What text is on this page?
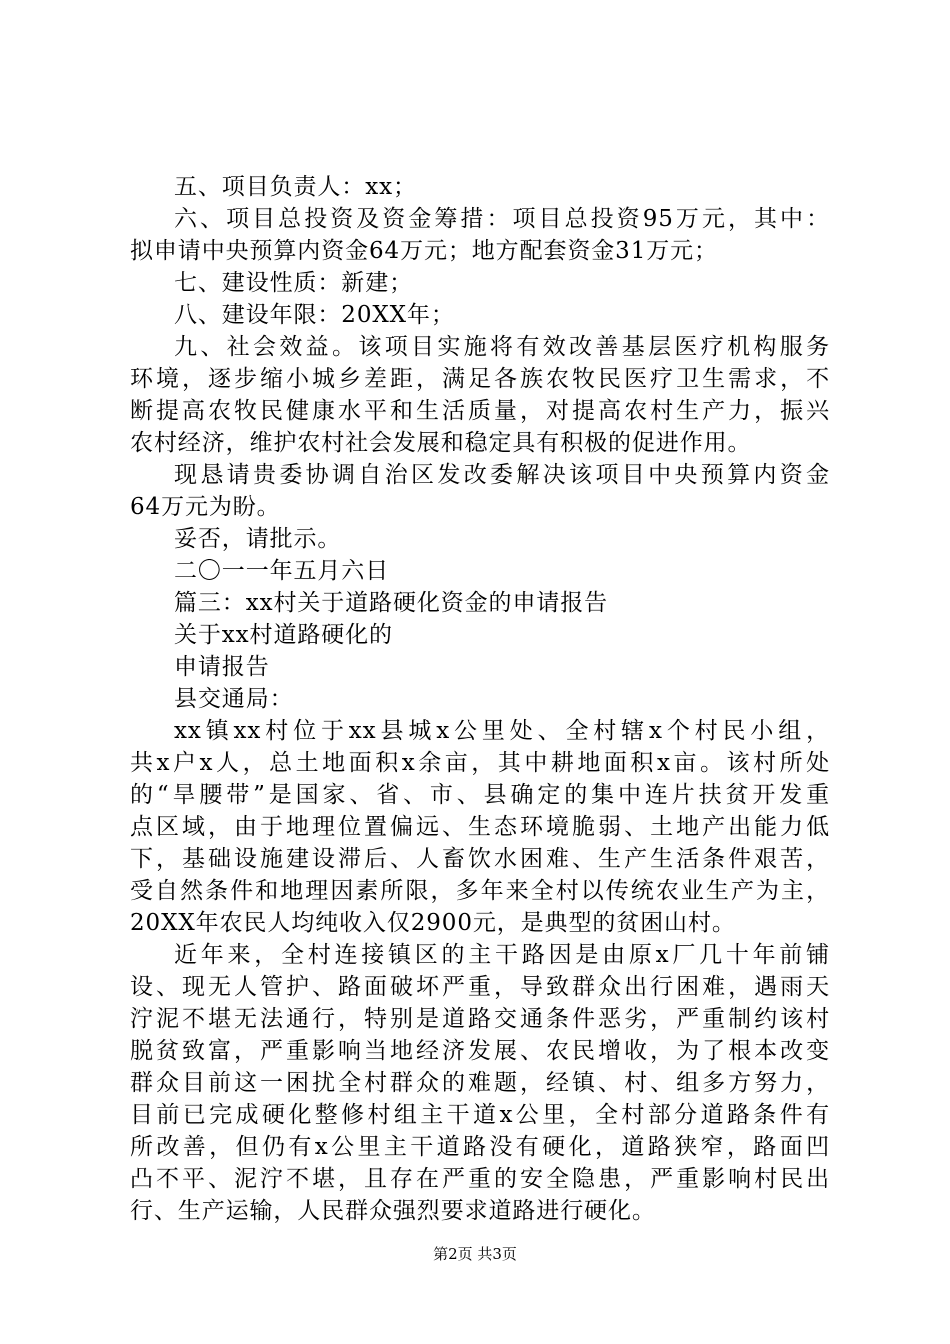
五、项目负责人：xx；
六、项目总投资及资金筹措：项目总投资95万元，其中：
拟申请中央预算内资金64万元；地方配套资金31万元；
七、建设性质：新建；
八、建设年限：20XX年；
九、社会效益。该项目实施将有效改善基层医疗机构服务
环境，逐步缩小城乡差距，满足各族农牧民医疗卫生需求，不
断提高农牧民健康水平和生活质量，对提高农村生产力，振兴
农村经济，维护农村社会发展和稳定具有积极的促进作用。
现恳请贵委协调自治区发改委解决该项目中央预算内资金
64万元为盼。
妥否，请批示。
二〇一一年五月六日
篇三：xx村关于道路硬化资金的申请报告
关于xx村道路硬化的
申请报告
县交通局：
xx镇xx村位于xx县城x公里处、全村辖x个村民小组，
共x户x人，总土地面积x余亩，其中耕地面积x亩。该村所处
的“旱腰带”是国家、省、市、县确定的集中连片扶贫开发重
点区域，由于地理位置偏远、生态环境脆弱、土地产出能力低
下，基础设施建设滞后、人畜饮水困难、生产生活条件艰苦，
受自然条件和地理因素所限，多年来全村以传统农业生产为主，
20XX年农民人均纯收入仅2900元，是典型的贫困山村。
近年来，全村连接镇区的主干路因是由原x厂几十年前铺
设、现无人管护、路面破坏严重，导致群众出行困难，遇雨天
泞泥不堪无法通行，特别是道路交通条件恶劣，严重制约该村
脱贫致富，严重影响当地经济发展、农民增收，为了根本改变
群众目前这一困扰全村群众的难题，经镇、村、组多方努力，
目前已完成硬化整修村组主干道x公里，全村部分道路条件有
所改善，但仍有x公里主干道路没有硬化，道路狭窄，路面凹
凸不平、泥泞不堪，且存在严重的安全隐患，严重影响村民出
行、生产运输，人民群众强烈要求道路进行硬化。
第2页 共3页
